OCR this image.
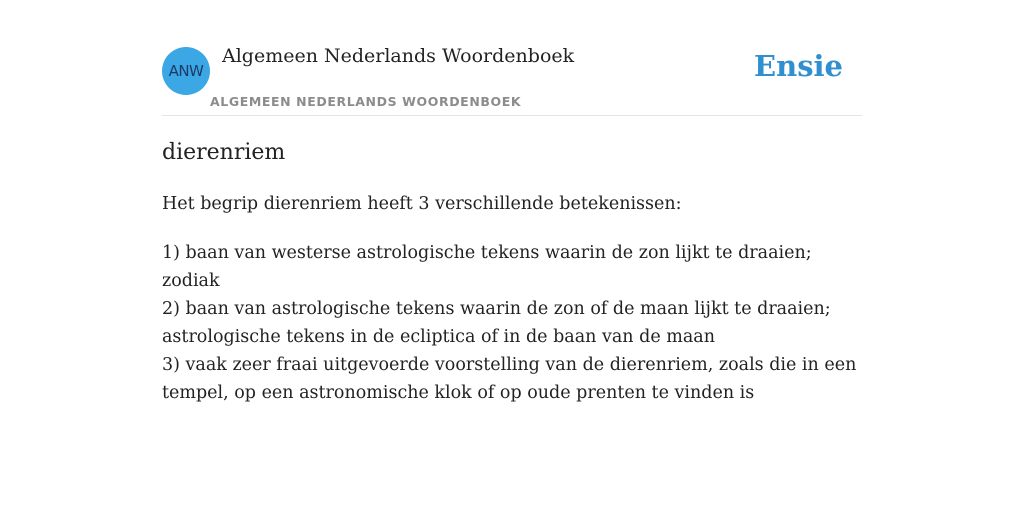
ANW
Algemeen Nederlands Woordenboek
ALGEMEEN NEDERLANDS WOORDENBOEK
Ensie
dierenriem
Het begrip dierenriem heeft 3 verschillende betekenissen:
1) baan van westerse astrologische tekens waarin de zon lijkt te draaien; zodiak
2) baan van astrologische tekens waarin de zon of de maan lijkt te draaien; astrologische tekens in de ecliptica of in de baan van de maan
3) vaak zeer fraai uitgevoerde voorstelling van de dierenriem, zoals die in een tempel, op een astronomische klok of op oude prenten te vinden is
